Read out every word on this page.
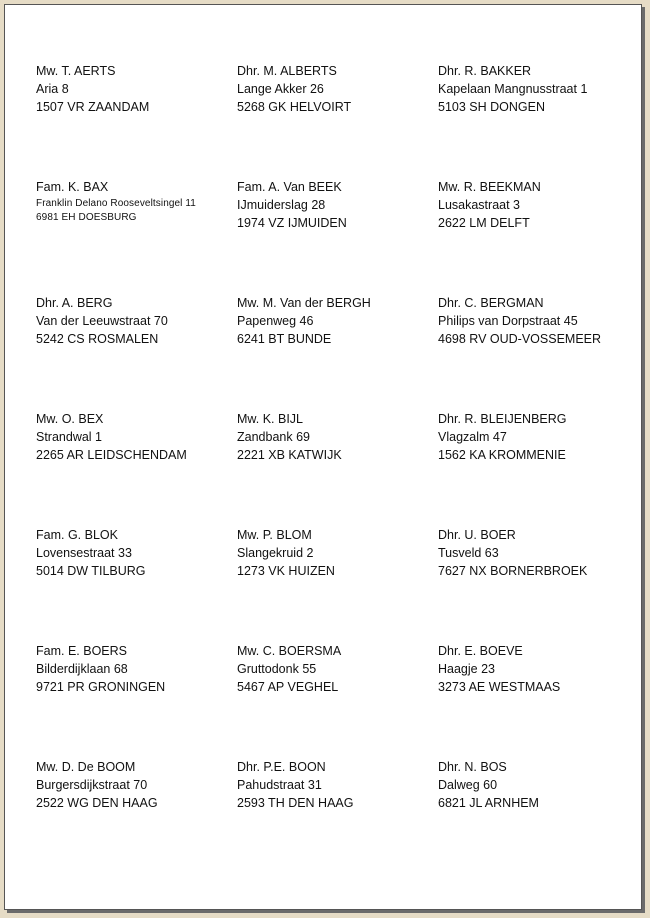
Mw. T. AERTS
Aria 8
1507 VR ZAANDAM
Dhr. M. ALBERTS
Lange Akker 26
5268 GK HELVOIRT
Dhr. R. BAKKER
Kapelaan Mangnusstraat 1
5103 SH DONGEN
Fam. K. BAX
Franklin Delano Rooseveltsingel 11
6981 EH DOESBURG
Fam. A. Van BEEK
IJmuiderslag 28
1974 VZ IJMUIDEN
Mw. R. BEEKMAN
Lusakastraat 3
2622 LM DELFT
Dhr. A. BERG
Van der Leeuwstraat 70
5242 CS ROSMALEN
Mw. M. Van der BERGH
Papenweg 46
6241 BT BUNDE
Dhr. C. BERGMAN
Philips van Dorpstraat 45
4698 RV OUD-VOSSEMEER
Mw. O. BEX
Strandwal 1
2265 AR LEIDSCHENDAM
Mw. K. BIJL
Zandbank 69
2221 XB KATWIJK
Dhr. R. BLEIJENBERG
Vlagzalm 47
1562 KA KROMMENIE
Fam. G. BLOK
Lovensestraat 33
5014 DW TILBURG
Mw. P. BLOM
Slangekruid 2
1273 VK HUIZEN
Dhr. U. BOER
Tusveld 63
7627 NX BORNERBROEK
Fam. E. BOERS
Bilderdijklaan 68
9721 PR GRONINGEN
Mw. C. BOERSMA
Gruttodonk 55
5467 AP VEGHEL
Dhr. E. BOEVE
Haagje 23
3273 AE WESTMAAS
Mw. D. De BOOM
Burgersdijkstraat 70
2522 WG DEN HAAG
Dhr. P.E. BOON
Pahudstraat 31
2593 TH DEN HAAG
Dhr. N. BOS
Dalweg 60
6821 JL ARNHEM
